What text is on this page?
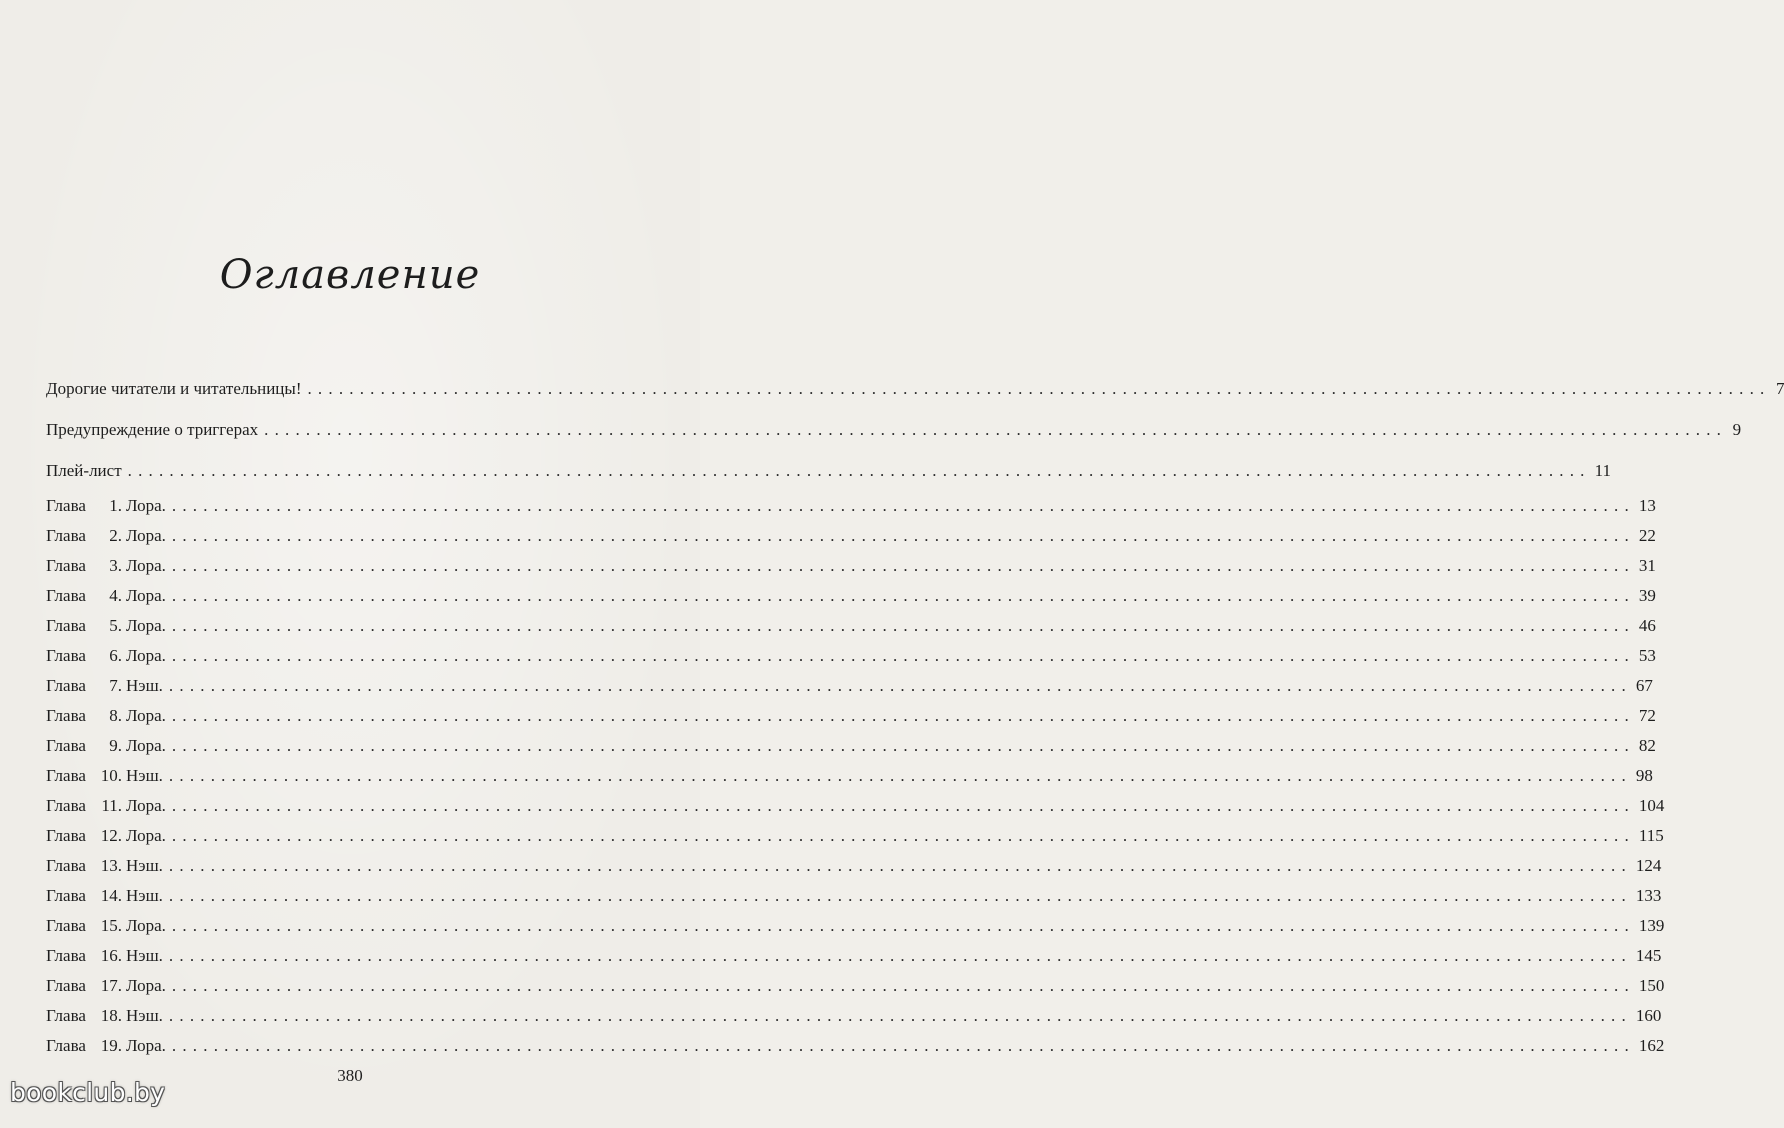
Оглавление
Дорогие читатели и читательницы! ............................................................................................................................................ 7
Предупреждение о триггерах ............................................................................................................................................ 9
Плей-лист ............................................................................................................................................ 11
Глава 1. Лора. ............................................................................................................................................ 13
Глава 2. Лора. ............................................................................................................................................ 22
Глава 3. Лора. ............................................................................................................................................ 31
Глава 4. Лора. ............................................................................................................................................ 39
Глава 5. Лора. ............................................................................................................................................ 46
Глава 6. Лора. ............................................................................................................................................ 53
Глава 7. Нэш. ............................................................................................................................................ 67
Глава 8. Лора. ............................................................................................................................................ 72
Глава 9. Лора. ............................................................................................................................................ 82
Глава 10. Нэш. ............................................................................................................................................ 98
Глава 11. Лора. ............................................................................................................................................ 104
Глава 12. Лора. ............................................................................................................................................ 115
Глава 13. Нэш. ............................................................................................................................................ 124
Глава 14. Нэш. ............................................................................................................................................ 133
Глава 15. Лора. ............................................................................................................................................ 139
Глава 16. Нэш. ............................................................................................................................................ 145
Глава 17. Лора. ............................................................................................................................................ 150
Глава 18. Нэш. ............................................................................................................................................ 160
Глава 19. Лора. ............................................................................................................................................ 162
380
bookclub.by
